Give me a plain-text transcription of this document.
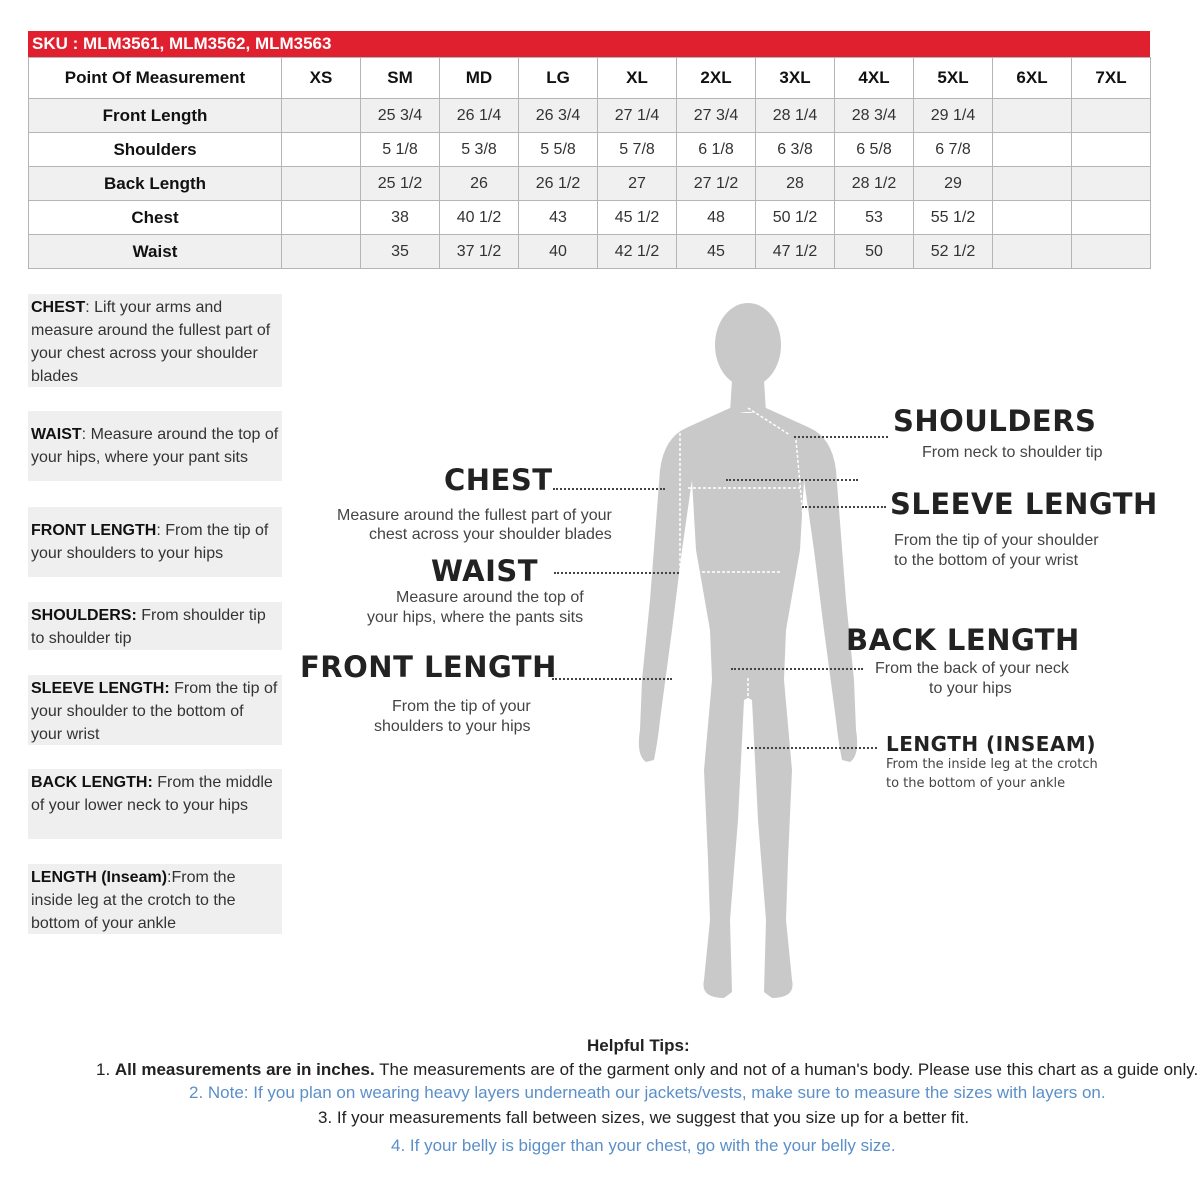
SKU : MLM3561, MLM3562, MLM3563
Point Of Measurement	XS	SM	MD	LG	XL	2XL	3XL	4XL	5XL	6XL	7XL
Front Length		25 3/4	26 1/4	26 3/4	27 1/4	27 3/4	28 1/4	28 3/4	29 1/4		
Shoulders		5 1/8	5 3/8	5 5/8	5 7/8	6 1/8	6 3/8	6 5/8	6 7/8		
Back Length		25 1/2	26	26 1/2	27	27 1/2	28	28 1/2	29		
Chest		38	40 1/2	43	45 1/2	48	50 1/2	53	55 1/2		
Waist		35	37 1/2	40	42 1/2	45	47 1/2	50	52 1/2		
CHEST: Lift your arms and measure around the fullest part of your chest across your shoulder blades
WAIST: Measure around the top of your hips, where your pant sits
FRONT LENGTH: From the tip of your shoulders to your hips
SHOULDERS: From shoulder tip to shoulder tip
SLEEVE LENGTH: From the tip of your shoulder to the bottom of your wrist
BACK LENGTH: From the middle of your lower neck to your hips
LENGTH (Inseam):From the inside leg at the crotch to the bottom of your ankle
CHEST
Measure around the fullest part of your
chest across your shoulder blades
WAIST
Measure around the top of
your hips, where the pants sits
FRONT LENGTH
From the tip of your
shoulders to your hips
SHOULDERS
From neck to shoulder tip
SLEEVE LENGTH
From the tip of your shoulder
to the bottom of your wrist
BACK LENGTH
From the back of your neck
to your hips
LENGTH (INSEAM)
From the inside leg at the crotch
to the bottom of your ankle
Helpful Tips:
1. All measurements are in inches. The measurements are of the garment only and not of a human's body. Please use this chart as a guide only.
2. Note: If you plan on wearing heavy layers underneath our jackets/vests, make sure to measure the sizes with layers on.
3. If your measurements fall between sizes, we suggest that you size up for a better fit.
4. If your belly is bigger than your chest, go with the your belly size.
